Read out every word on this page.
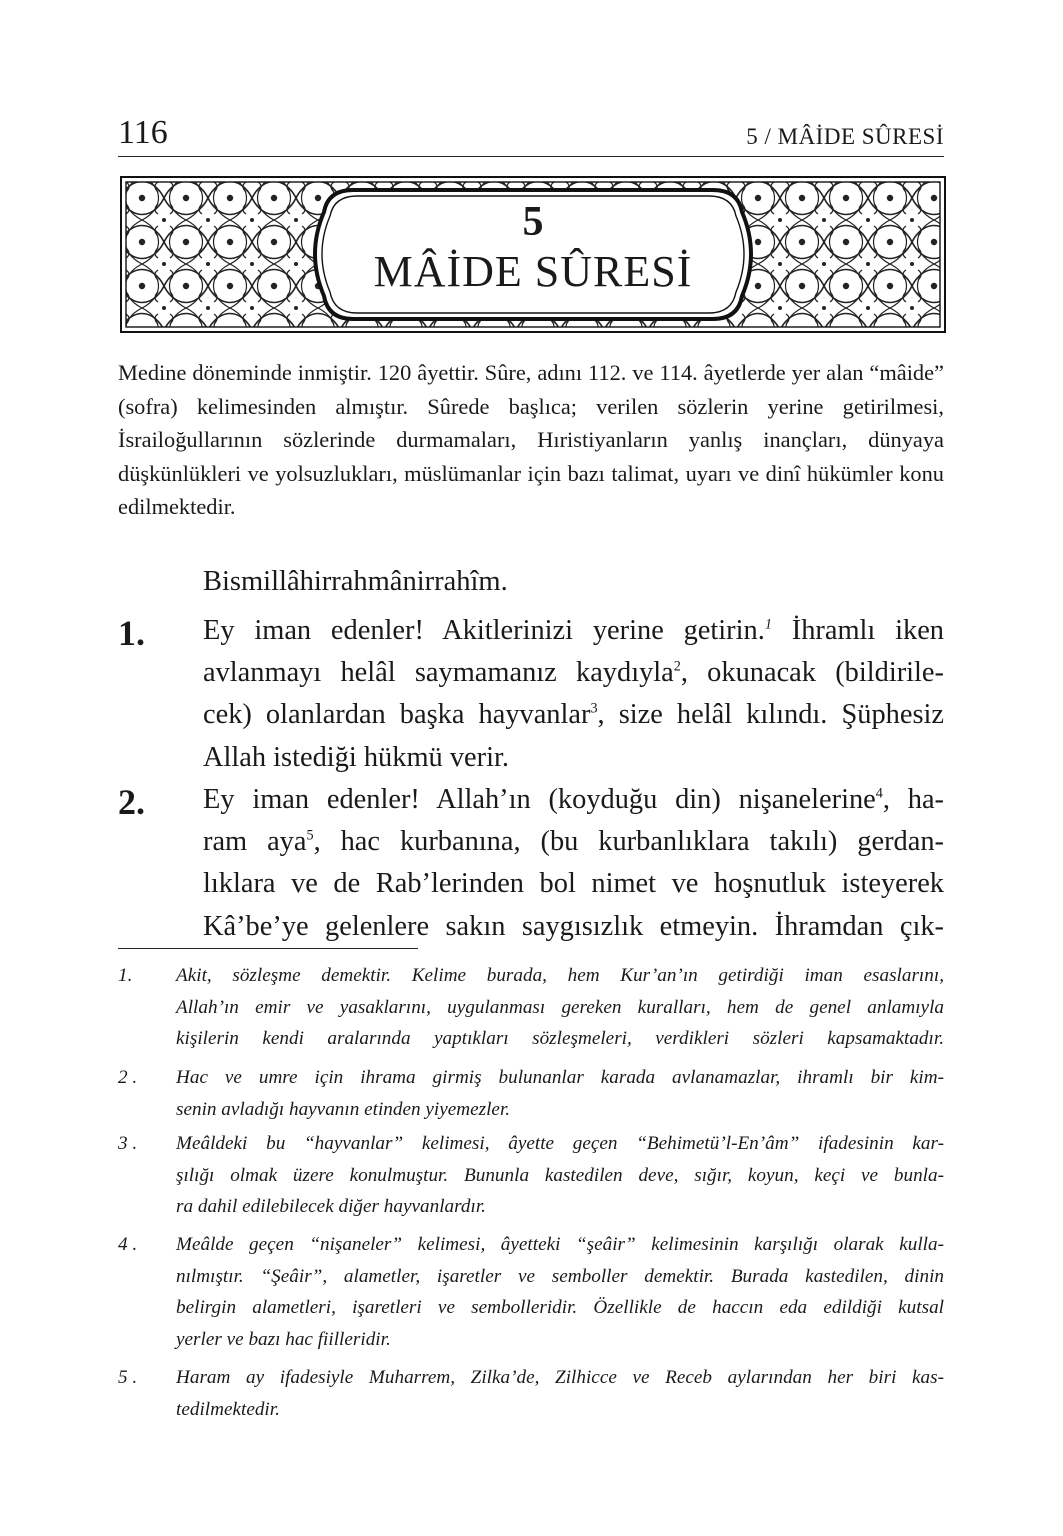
116	5 / MÂİDE SÛRESİ
5
MÂİDE SÛRESİ
Medine döneminde inmiştir. 120 âyettir. Sûre, adını 112. ve 114. âyetlerde yer alan “mâide” (sofra) kelimesinden almıştır. Sûrede başlıca; verilen sözlerin yerine getirilmesi, İsrailoğullarının sözlerinde durmamaları, Hıristiyanların yanlış inançları, dünyaya düşkünlükleri ve yolsuzlukları, müslümanlar için bazı talimat, uyarı ve dinî hükümler konu edilmektedir.
Bismillâhirrahmânirrahîm.
1. Ey iman edenler! Akitlerinizi yerine getirin.$^1$ İhramlı iken
avlanmayı helâl saymamanız kaydıyla$^2$, okunacak (bildirile-
cek) olanlardan başka hayvanlar$^3$, size helâl kılındı. Şüphesiz
Allah istediği hükmü verir.
2. Ey iman edenler! Allah’ın (koyduğu din) nişanelerine$^4$, ha-
ram aya$^5$, hac kurbanına, (bu kurbanlıklara takılı) gerdan-
lıklara ve de Rab’lerinden bol nimet ve hoşnutluk isteyerek
Kâ’be’ye gelenlere sakın saygısızlık etmeyin. İhramdan çık-
1.	Akit, sözleşme demektir. Kelime burada, hem Kur’an’ın getirdiği iman esaslarını,
Allah’ın emir ve yasaklarını, uygulanması gereken kuralları, hem de genel anlamıyla
kişilerin kendi aralarında yaptıkları sözleşmeleri, verdikleri sözleri kapsamaktadır.
2 .	Hac ve umre için ihrama girmiş bulunanlar karada avlanamazlar, ihramlı bir kim-
senin avladığı hayvanın etinden yiyemezler.
3 .	Meâldeki bu “hayvanlar” kelimesi, âyette geçen “Behimetü’l-En’âm” ifadesinin kar-
şılığı olmak üzere konulmuştur. Bununla kastedilen deve, sığır, koyun, keçi ve bunla-
ra dahil edilebilecek diğer hayvanlardır.
4 .	Meâlde geçen “nişaneler” kelimesi, âyetteki “şeâir” kelimesinin karşılığı olarak kulla-
nılmıştır. “Şeâir”, alametler, işaretler ve semboller demektir. Burada kastedilen, dinin
belirgin alametleri, işaretleri ve sembolleridir. Özellikle de haccın eda edildiği kutsal
yerler ve bazı hac fiilleridir.
5 .	Haram ay ifadesiyle Muharrem, Zilka’de, Zilhicce ve Receb aylarından her biri kas-
tedilmektedir.
